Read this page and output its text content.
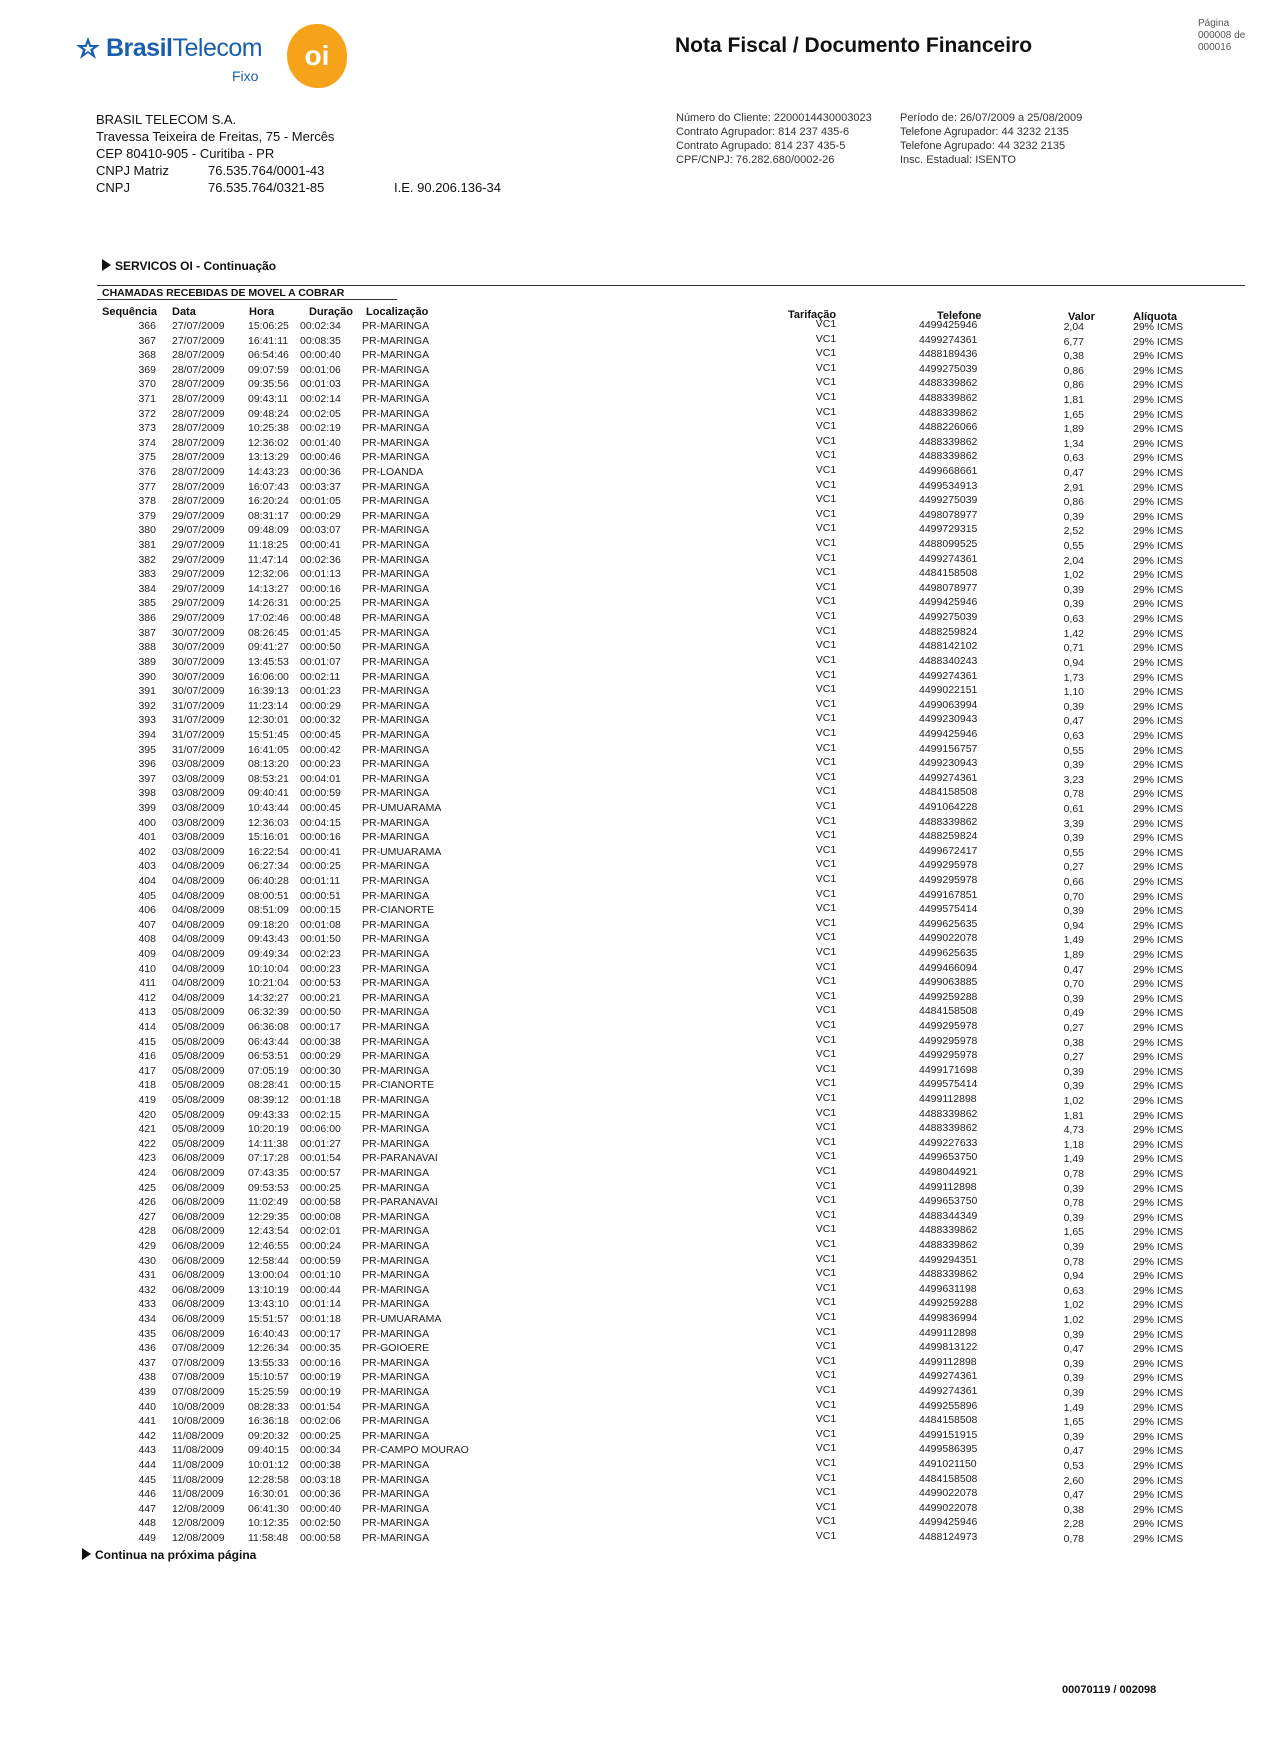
BrasilTelecom
Fixo
oi	Nota Fiscal / Documento Financeiro
Página
000008 de
000016
BRASIL TELECOM S.A.
Travessa Teixeira de Freitas, 75 - Mercês
CEP 80410-905 - Curitiba - PR
CNPJ Matriz	76.535.764/0001-43
CNPJ	76.535.764/0321-85	I.E. 90.206.136-34
Número do Cliente: 2200014430003023
Contrato Agrupador: 814 237 435-6
Contrato Agrupado: 814 237 435-5
CPF/CNPJ: 76.282.680/0002-26
Período de: 26/07/2009 a 25/08/2009
Telefone Agrupador: 44 3232 2135
Telefone Agrupado: 44 3232 2135
Insc. Estadual: ISENTO
SERVICOS OI - Continuação
CHAMADAS RECEBIDAS DE MOVEL A COBRAR
Sequência Data	Hora	Duração Localização	Tarifação	Telefone	Valor	Alíquota
366 27/07/2009 15:06:25 00:02:34 PR-MARINGA	VC1	4499425946	2,04	29% ICMS
367 27/07/2009 16:41:11 00:08:35 PR-MARINGA	VC1	4499274361	6,77	29% ICMS
368 28/07/2009 06:54:46 00:00:40 PR-MARINGA	VC1	4488189436	0,38	29% ICMS
369 28/07/2009 09:07:59 00:01:06 PR-MARINGA	VC1	4499275039	0,86	29% ICMS
370 28/07/2009 09:35:56 00:01:03 PR-MARINGA	VC1	4488339862	0,86	29% ICMS
371 28/07/2009 09:43:11 00:02:14 PR-MARINGA	VC1	4488339862	1,81	29% ICMS
372 28/07/2009 09:48:24 00:02:05 PR-MARINGA	VC1	4488339862	1,65	29% ICMS
373 28/07/2009 10:25:38 00:02:19 PR-MARINGA	VC1	4488226066	1,89	29% ICMS
374 28/07/2009 12:36:02 00:01:40 PR-MARINGA	VC1	4488339862	1,34	29% ICMS
375 28/07/2009 13:13:29 00:00:46 PR-MARINGA	VC1	4488339862	0,63	29% ICMS
376 28/07/2009 14:43:23 00:00:36 PR-LOANDA	VC1	4499668661	0,47	29% ICMS
377 28/07/2009 16:07:43 00:03:37 PR-MARINGA	VC1	4499534913	2,91	29% ICMS
378 28/07/2009 16:20:24 00:01:05 PR-MARINGA	VC1	4499275039	0,86	29% ICMS
379 29/07/2009 08:31:17 00:00:29 PR-MARINGA	VC1	4498078977	0,39	29% ICMS
380 29/07/2009 09:48:09 00:03:07 PR-MARINGA	VC1	4499729315	2,52	29% ICMS
381 29/07/2009 11:18:25 00:00:41 PR-MARINGA	VC1	4488099525	0,55	29% ICMS
382 29/07/2009 11:47:14 00:02:36 PR-MARINGA	VC1	4499274361	2,04	29% ICMS
383 29/07/2009 12:32:06 00:01:13 PR-MARINGA	VC1	4484158508	1,02	29% ICMS
384 29/07/2009 14:13:27 00:00:16 PR-MARINGA	VC1	4498078977	0,39	29% ICMS
385 29/07/2009 14:26:31 00:00:25 PR-MARINGA	VC1	4499425946	0,39	29% ICMS
386 29/07/2009 17:02:46 00:00:48 PR-MARINGA	VC1	4499275039	0,63	29% ICMS
387 30/07/2009 08:26:45 00:01:45 PR-MARINGA	VC1	4488259824	1,42	29% ICMS
388 30/07/2009 09:41:27 00:00:50 PR-MARINGA	VC1	4488142102	0,71	29% ICMS
389 30/07/2009 13:45:53 00:01:07 PR-MARINGA	VC1	4488340243	0,94	29% ICMS
390 30/07/2009 16:06:00 00:02:11 PR-MARINGA	VC1	4499274361	1,73	29% ICMS
391 30/07/2009 16:39:13 00:01:23 PR-MARINGA	VC1	4499022151	1,10	29% ICMS
392 31/07/2009 11:23:14 00:00:29 PR-MARINGA	VC1	4499063994	0,39	29% ICMS
393 31/07/2009 12:30:01 00:00:32 PR-MARINGA	VC1	4499230943	0,47	29% ICMS
394 31/07/2009 15:51:45 00:00:45 PR-MARINGA	VC1	4499425946	0,63	29% ICMS
395 31/07/2009 16:41:05 00:00:42 PR-MARINGA	VC1	4499156757	0,55	29% ICMS
396 03/08/2009 08:13:20 00:00:23 PR-MARINGA	VC1	4499230943	0,39	29% ICMS
397 03/08/2009 08:53:21 00:04:01 PR-MARINGA	VC1	4499274361	3,23	29% ICMS
398 03/08/2009 09:40:41 00:00:59 PR-MARINGA	VC1	4484158508	0,78	29% ICMS
399 03/08/2009 10:43:44 00:00:45 PR-UMUARAMA	VC1	4491064228	0,61	29% ICMS
400 03/08/2009 12:36:03 00:04:15 PR-MARINGA	VC1	4488339862	3,39	29% ICMS
401 03/08/2009 15:16:01 00:00:16 PR-MARINGA	VC1	4488259824	0,39	29% ICMS
402 03/08/2009 16:22:54 00:00:41 PR-UMUARAMA	VC1	4499672417	0,55	29% ICMS
403 04/08/2009 06:27:34 00:00:25 PR-MARINGA	VC1	4499295978	0,27	29% ICMS
404 04/08/2009 06:40:28 00:01:11 PR-MARINGA	VC1	4499295978	0,66	29% ICMS
405 04/08/2009 08:00:51 00:00:51 PR-MARINGA	VC1	4499167851	0,70	29% ICMS
406 04/08/2009 08:51:09 00:00:15 PR-CIANORTE	VC1	4499575414	0,39	29% ICMS
407 04/08/2009 09:18:20 00:01:08 PR-MARINGA	VC1	4499625635	0,94	29% ICMS
408 04/08/2009 09:43:43 00:01:50 PR-MARINGA	VC1	4499022078	1,49	29% ICMS
409 04/08/2009 09:49:34 00:02:23 PR-MARINGA	VC1	4499625635	1,89	29% ICMS
410 04/08/2009 10:10:04 00:00:23 PR-MARINGA	VC1	4499466094	0,47	29% ICMS
411 04/08/2009 10:21:04 00:00:53 PR-MARINGA	VC1	4499063885	0,70	29% ICMS
412 04/08/2009 14:32:27 00:00:21 PR-MARINGA	VC1	4499259288	0,39	29% ICMS
413 05/08/2009 06:32:39 00:00:50 PR-MARINGA	VC1	4484158508	0,49	29% ICMS
414 05/08/2009 06:36:08 00:00:17 PR-MARINGA	VC1	4499295978	0,27	29% ICMS
415 05/08/2009 06:43:44 00:00:38 PR-MARINGA	VC1	4499295978	0,38	29% ICMS
416 05/08/2009 06:53:51 00:00:29 PR-MARINGA	VC1	4499295978	0,27	29% ICMS
417 05/08/2009 07:05:19 00:00:30 PR-MARINGA	VC1	4499171698	0,39	29% ICMS
418 05/08/2009 08:28:41 00:00:15 PR-CIANORTE	VC1	4499575414	0,39	29% ICMS
419 05/08/2009 08:39:12 00:01:18 PR-MARINGA	VC1	4499112898	1,02	29% ICMS
420 05/08/2009 09:43:33 00:02:15 PR-MARINGA	VC1	4488339862	1,81	29% ICMS
421 05/08/2009 10:20:19 00:06:00 PR-MARINGA	VC1	4488339862	4,73	29% ICMS
422 05/08/2009 14:11:38 00:01:27 PR-MARINGA	VC1	4499227633	1,18	29% ICMS
423 06/08/2009 07:17:28 00:01:54 PR-PARANAVAI	VC1	4499653750	1,49	29% ICMS
424 06/08/2009 07:43:35 00:00:57 PR-MARINGA	VC1	4498044921	0,78	29% ICMS
425 06/08/2009 09:53:53 00:00:25 PR-MARINGA	VC1	4499112898	0,39	29% ICMS
426 06/08/2009 11:02:49 00:00:58 PR-PARANAVAI	VC1	4499653750	0,78	29% ICMS
427 06/08/2009 12:29:35 00:00:08 PR-MARINGA	VC1	4488344349	0,39	29% ICMS
428 06/08/2009 12:43:54 00:02:01 PR-MARINGA	VC1	4488339862	1,65	29% ICMS
429 06/08/2009 12:46:55 00:00:24 PR-MARINGA	VC1	4488339862	0,39	29% ICMS
430 06/08/2009 12:58:44 00:00:59 PR-MARINGA	VC1	4499294351	0,78	29% ICMS
431 06/08/2009 13:00:04 00:01:10 PR-MARINGA	VC1	4488339862	0,94	29% ICMS
432 06/08/2009 13:10:19 00:00:44 PR-MARINGA	VC1	4499631198	0,63	29% ICMS
433 06/08/2009 13:43:10 00:01:14 PR-MARINGA	VC1	4499259288	1,02	29% ICMS
434 06/08/2009 15:51:57 00:01:18 PR-UMUARAMA	VC1	4499836994	1,02	29% ICMS
435 06/08/2009 16:40:43 00:00:17 PR-MARINGA	VC1	4499112898	0,39	29% ICMS
436 07/08/2009 12:26:34 00:00:35 PR-GOIOERE	VC1	4499813122	0,47	29% ICMS
437 07/08/2009 13:55:33 00:00:16 PR-MARINGA	VC1	4499112898	0,39	29% ICMS
438 07/08/2009 15:10:57 00:00:19 PR-MARINGA	VC1	4499274361	0,39	29% ICMS
439 07/08/2009 15:25:59 00:00:19 PR-MARINGA	VC1	4499274361	0,39	29% ICMS
440 10/08/2009 08:28:33 00:01:54 PR-MARINGA	VC1	4499255896	1,49	29% ICMS
441 10/08/2009 16:36:18 00:02:06 PR-MARINGA	VC1	4484158508	1,65	29% ICMS
442 11/08/2009 09:20:32 00:00:25 PR-MARINGA	VC1	4499151915	0,39	29% ICMS
443 11/08/2009 09:40:15 00:00:34 PR-CAMPO MOURAO	VC1	4499586395	0,47	29% ICMS
444 11/08/2009 10:01:12 00:00:38 PR-MARINGA	VC1	4491021150	0,53	29% ICMS
445 11/08/2009 12:28:58 00:03:18 PR-MARINGA	VC1	4484158508	2,60	29% ICMS
446 11/08/2009 16:30:01 00:00:36 PR-MARINGA	VC1	4499022078	0,47	29% ICMS
447 12/08/2009 06:41:30 00:00:40 PR-MARINGA	VC1	4499022078	0,38	29% ICMS
448 12/08/2009 10:12:35 00:02:50 PR-MARINGA	VC1	4499425946	2,28	29% ICMS
449 12/08/2009 11:58:48 00:00:58 PR-MARINGA	VC1	4488124973	0,78	29% ICMS
Continua na próxima página
00070119 / 002098
